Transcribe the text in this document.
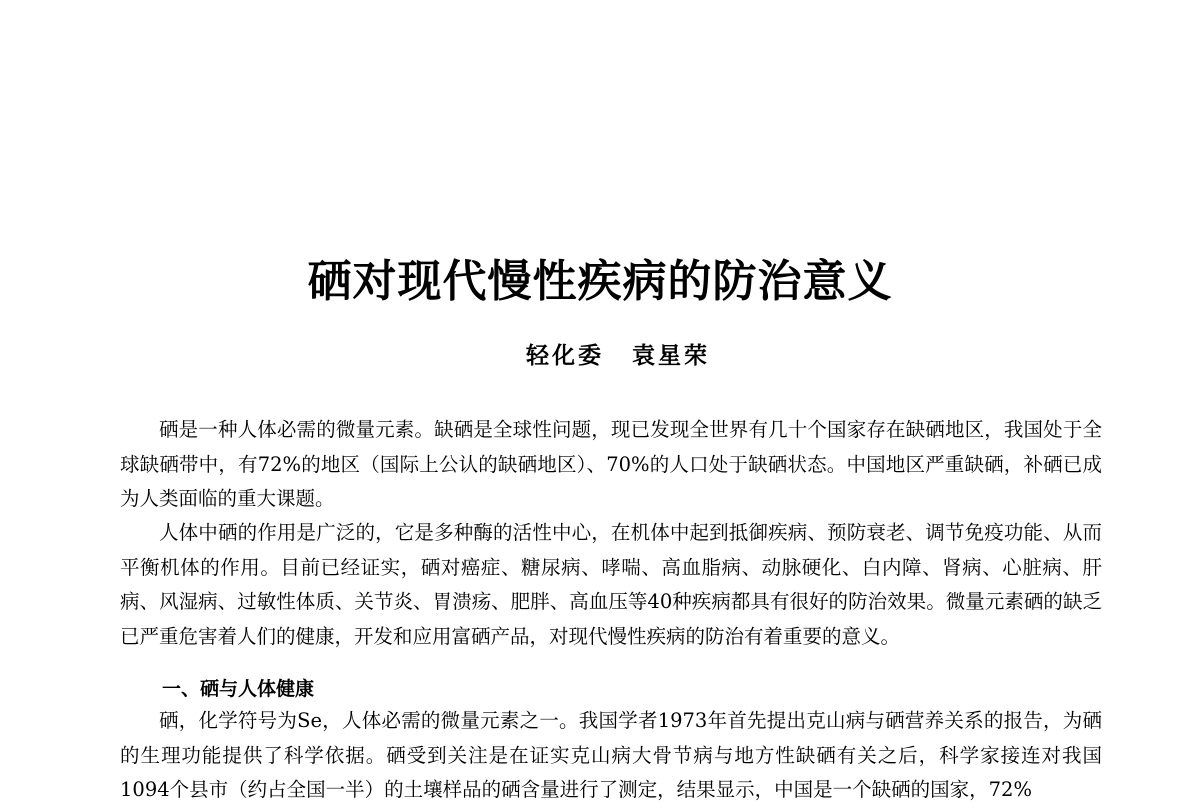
硒对现代慢性疾病的防治意义
轻化委 袁星荣

硒是一种人体必需的微量元素。缺硒是全球性问题，现已发现全世界有几十个国家存在缺硒地区，我国处于全球缺硒带中，有72%的地区（国际上公认的缺硒地区）、70%的人口处于缺硒状态。中国地区严重缺硒，补硒已成为人类面临的重大课题。

人体中硒的作用是广泛的，它是多种酶的活性中心，在机体中起到抵御疾病、预防衰老、调节免疫功能、从而平衡机体的作用。目前已经证实，硒对癌症、糖尿病、哮喘、高血脂病、动脉硬化、白内障、肾病、心脏病、肝病、风湿病、过敏性体质、关节炎、胃溃疡、肥胖、高血压等40种疾病都具有很好的防治效果。微量元素硒的缺乏已严重危害着人们的健康，开发和应用富硒产品，对现代慢性疾病的防治有着重要的意义。

一、硒与人体健康

硒，化学符号为Se，人体必需的微量元素之一。我国学者1973年首先提出克山病与硒营养关系的报告，为硒的生理功能提供了科学依据。硒受到关注是在证实克山病大骨节病与地方性缺硒有关之后，科学家接连对我国1094个县市（约占全国一半）的土壤样品的硒含量进行了测定，结果显示，中国是一个缺硒的国家，72%
